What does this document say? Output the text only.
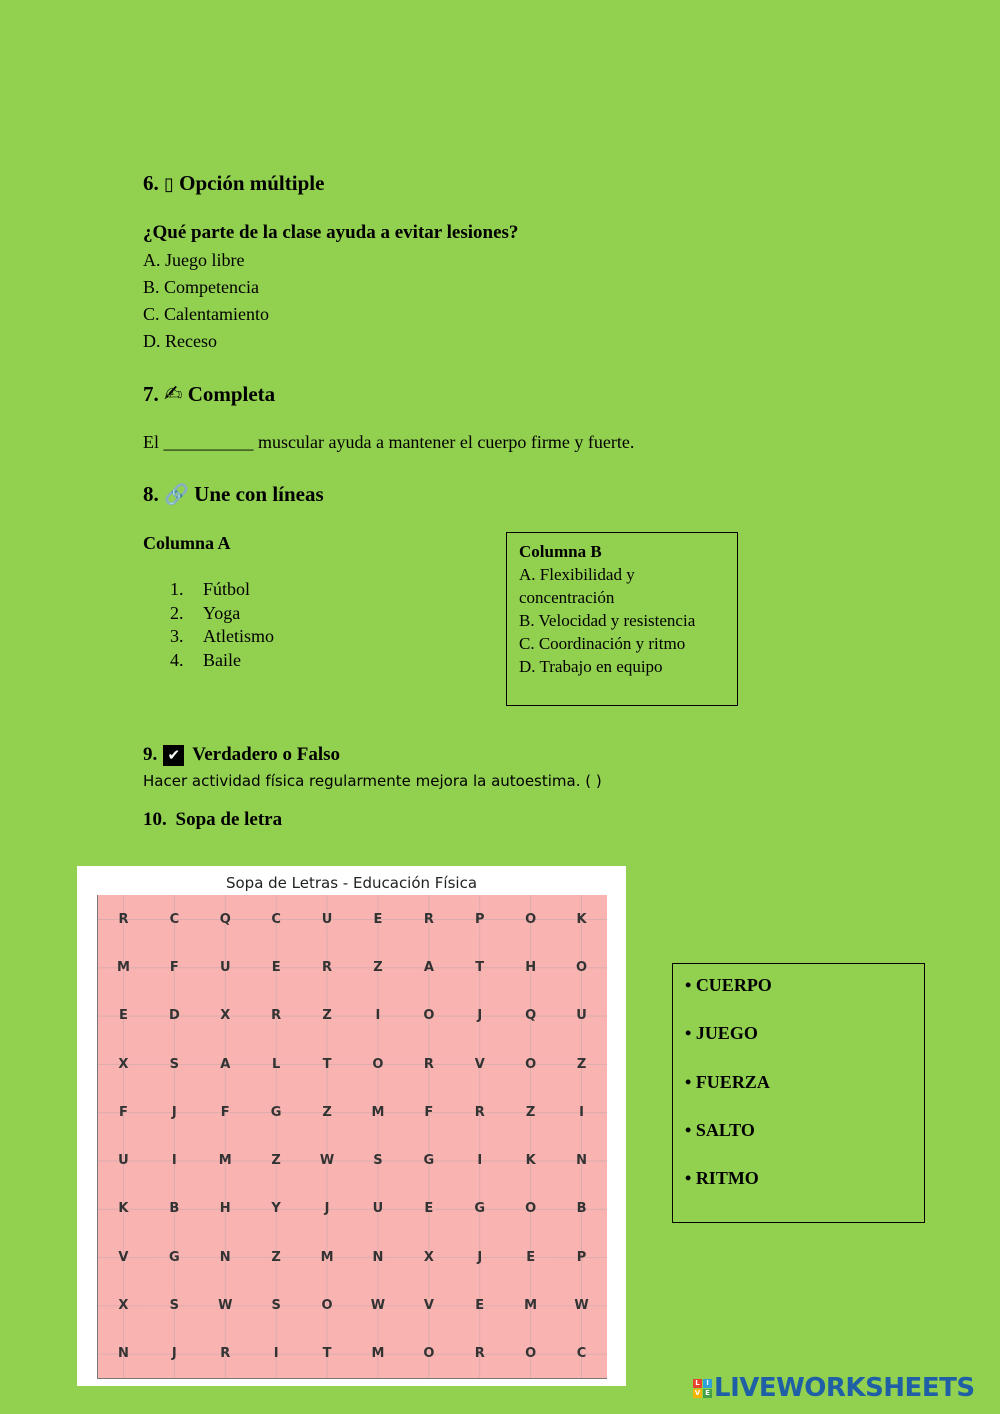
6. ▯ Opción múltiple
¿Qué parte de la clase ayuda a evitar lesiones?
A. Juego libre
B. Competencia
C. Calentamiento
D. Receso
7. ✍ Completa
El __________ muscular ayuda a mantener el cuerpo firme y fuerte.
8. 🔗 Une con líneas
Columna A
1. Fútbol
2. Yoga
3. Atletismo
4. Baile
Columna B
A. Flexibilidad y concentración
B. Velocidad y resistencia
C. Coordinación y ritmo
D. Trabajo en equipo
9. ✔ Verdadero o Falso
Hacer actividad física regularmente mejora la autoestima. ( )
10. Sopa de letra
Sopa de Letras - Educación Física
R	C	Q	C	U	E	R	P	O	K
M	F	U	E	R	Z	A	T	H	O
E	D	X	R	Z	I	O	J	Q	U
X	S	A	L	T	O	R	V	O	Z
F	J	F	G	Z	M	F	R	Z	I
U	I	M	Z	W	S	G	I	K	N
K	B	H	Y	J	U	E	G	O	B
V	G	N	Z	M	N	X	J	E	P
X	S	W	S	O	W	V	E	M	W
N	J	R	I	T	M	O	R	O	C
• CUERPO
• JUEGO
• FUERZA
• SALTO
• RITMO
L I
V E LIVEWORKSHEETS
